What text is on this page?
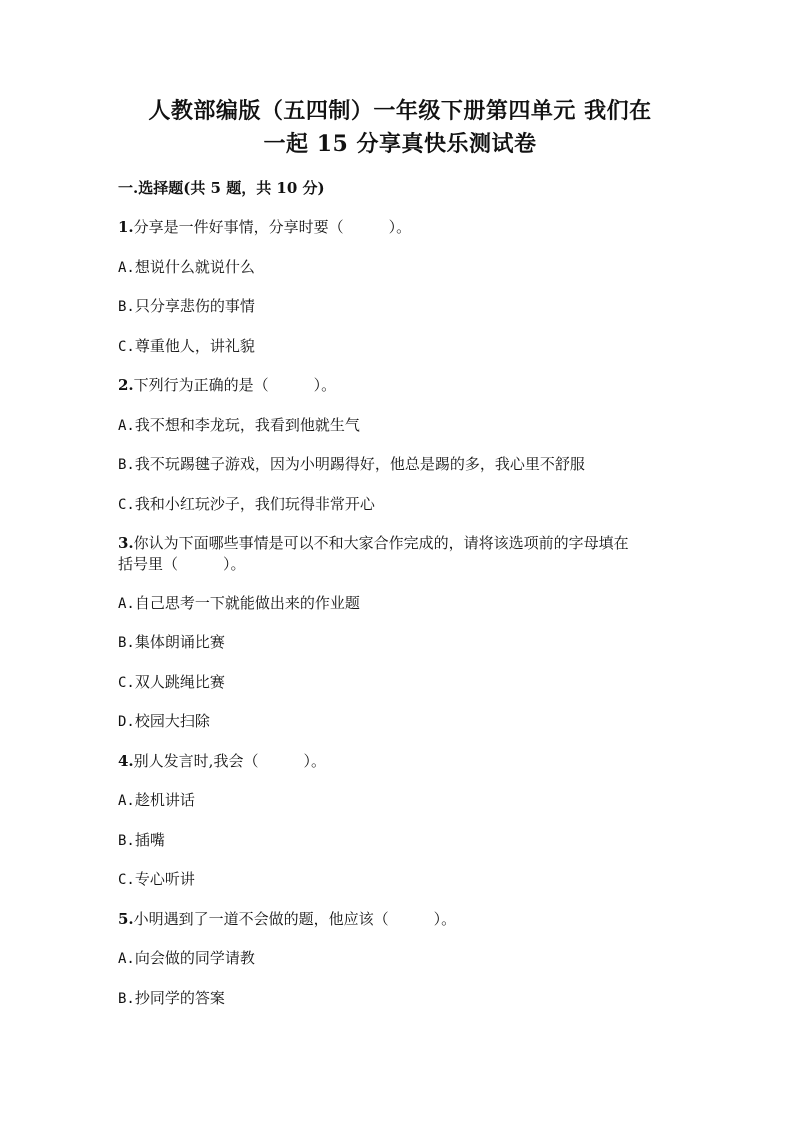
人教部编版（五四制）一年级下册第四单元 我们在
一起 15 分享真快乐测试卷
一.选择题(共 5 题，共 10 分)
1.分享是一件好事情，分享时要（　　　）。
A.想说什么就说什么
B.只分享悲伤的事情
C.尊重他人，讲礼貌
2.下列行为正确的是（　　　）。
A.我不想和李龙玩，我看到他就生气
B.我不玩踢毽子游戏，因为小明踢得好，他总是踢的多，我心里不舒服
C.我和小红玩沙子，我们玩得非常开心
3.你认为下面哪些事情是可以不和大家合作完成的，请将该选项前的字母填在
括号里（　　　）。
A.自己思考一下就能做出来的作业题
B.集体朗诵比赛
C.双人跳绳比赛
D.校园大扫除
4.别人发言时,我会（　　　）。
A.趁机讲话
B.插嘴
C.专心听讲
5.小明遇到了一道不会做的题，他应该（　　　）。
A.向会做的同学请教
B.抄同学的答案
